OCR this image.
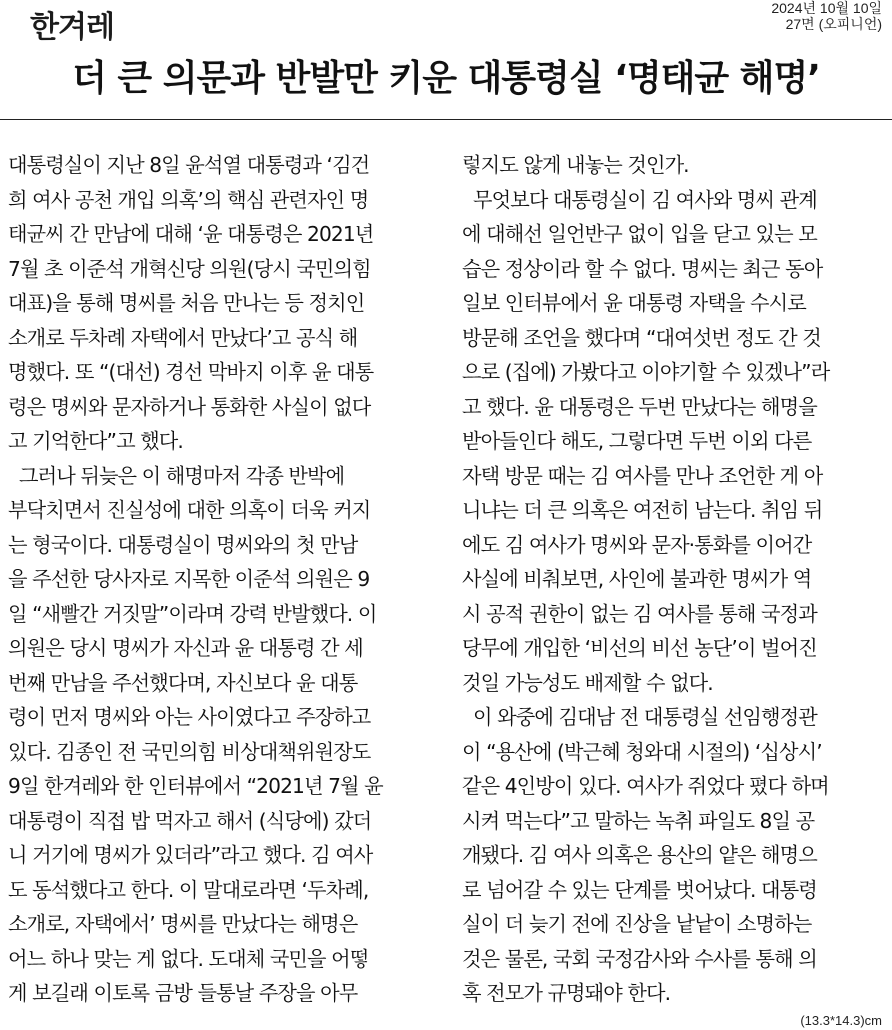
한겨레
2024년 10월 10일
27면 (오피니언)
더 큰 의문과 반발만 키운 대통령실 ‘명태균 해명’
대통령실이 지난 8일 윤석열 대통령과 ‘김건
희 여사 공천 개입 의혹’의 핵심 관련자인 명
태균씨 간 만남에 대해 ‘윤 대통령은 2021년
7월 초 이준석 개혁신당 의원(당시 국민의힘
대표)을 통해 명씨를 처음 만나는 등 정치인
소개로 두차례 자택에서 만났다’고 공식 해
명했다. 또 “(대선) 경선 막바지 이후 윤 대통
령은 명씨와 문자하거나 통화한 사실이 없다
고 기억한다”고 했다.
그러나 뒤늦은 이 해명마저 각종 반박에
부닥치면서 진실성에 대한 의혹이 더욱 커지
는 형국이다. 대통령실이 명씨와의 첫 만남
을 주선한 당사자로 지목한 이준석 의원은 9
일 “새빨간 거짓말”이라며 강력 반발했다. 이
의원은 당시 명씨가 자신과 윤 대통령 간 세
번째 만남을 주선했다며, 자신보다 윤 대통
령이 먼저 명씨와 아는 사이였다고 주장하고
있다. 김종인 전 국민의힘 비상대책위원장도
9일 한겨레와 한 인터뷰에서 “2021년 7월 윤
대통령이 직접 밥 먹자고 해서 (식당에) 갔더
니 거기에 명씨가 있더라”라고 했다. 김 여사
도 동석했다고 한다. 이 말대로라면 ‘두차례,
소개로, 자택에서’ 명씨를 만났다는 해명은
어느 하나 맞는 게 없다. 도대체 국민을 어떻
게 보길래 이토록 금방 들통날 주장을 아무
렇지도 않게 내놓는 것인가.
무엇보다 대통령실이 김 여사와 명씨 관계
에 대해선 일언반구 없이 입을 닫고 있는 모
습은 정상이라 할 수 없다. 명씨는 최근 동아
일보 인터뷰에서 윤 대통령 자택을 수시로
방문해 조언을 했다며 “대여섯번 정도 간 것
으로 (집에) 가봤다고 이야기할 수 있겠나”라
고 했다. 윤 대통령은 두번 만났다는 해명을
받아들인다 해도, 그렇다면 두번 이외 다른
자택 방문 때는 김 여사를 만나 조언한 게 아
니냐는 더 큰 의혹은 여전히 남는다. 취임 뒤
에도 김 여사가 명씨와 문자·통화를 이어간
사실에 비춰보면, 사인에 불과한 명씨가 역
시 공적 권한이 없는 김 여사를 통해 국정과
당무에 개입한 ‘비선의 비선 농단’이 벌어진
것일 가능성도 배제할 수 없다.
이 와중에 김대남 전 대통령실 선임행정관
이 “용산에 (박근혜 청와대 시절의) ‘십상시’
같은 4인방이 있다. 여사가 쥐었다 폈다 하며
시켜 먹는다”고 말하는 녹취 파일도 8일 공
개됐다. 김 여사 의혹은 용산의 얕은 해명으
로 넘어갈 수 있는 단계를 벗어났다. 대통령
실이 더 늦기 전에 진상을 낱낱이 소명하는
것은 물론, 국회 국정감사와 수사를 통해 의
혹 전모가 규명돼야 한다.
(13.3*14.3)cm
